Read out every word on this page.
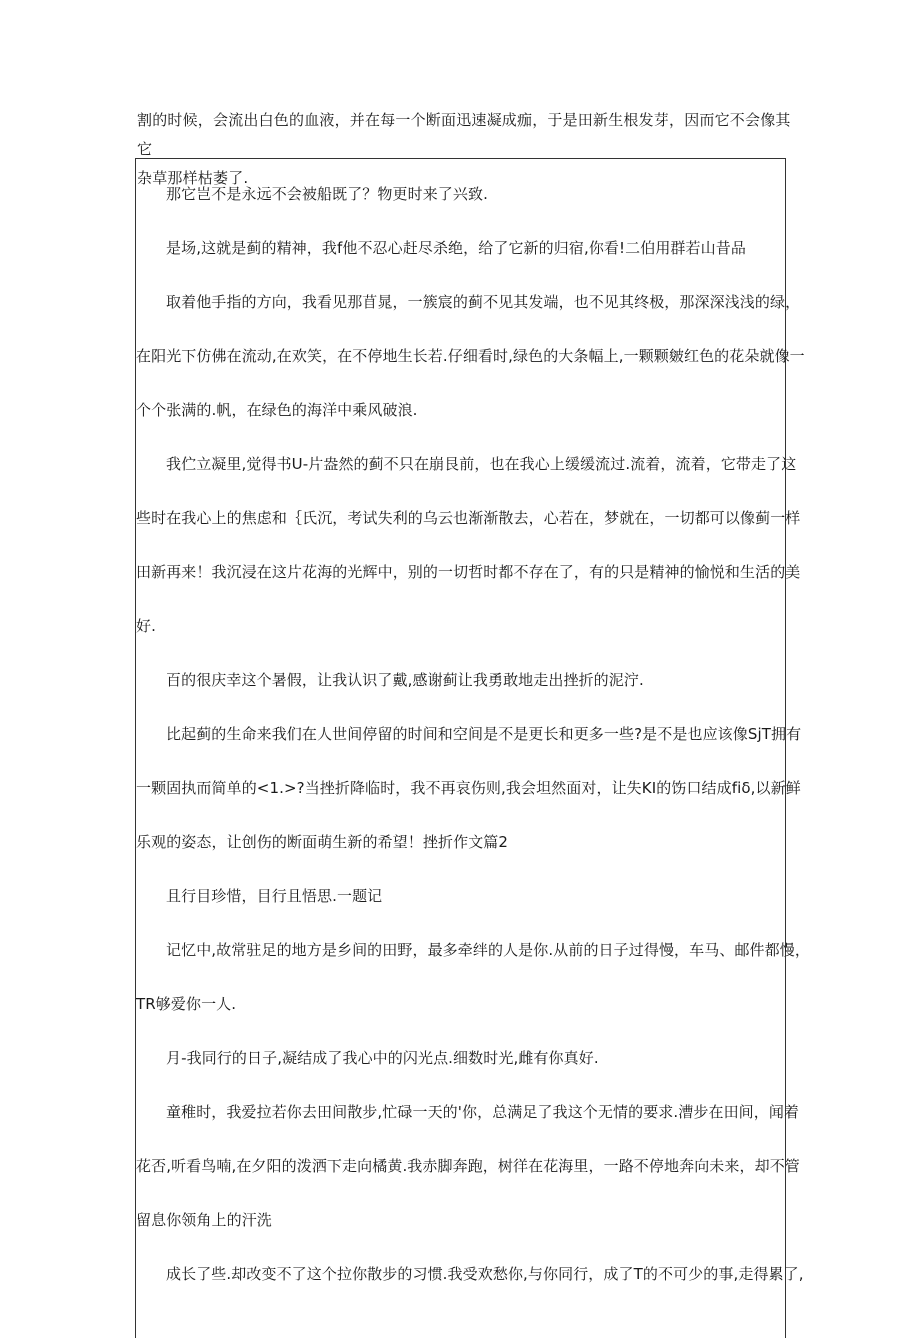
割的时候，会流出白色的血液，并在每一个断面迅速凝成痂，于是田新生根发芽，因而它不会像其它

杂草那样枯萎了.

那它岂不是永远不会被船既了？物更时来了兴致.
是场,这就是蓟的精神，我f他不忍心赶尽杀绝，给了它新的归宿,你看!二伯用群若山昔品
取着他手指的方向，我看见那苜晁，一簇宸的蓟不见其发端，也不见其终极，那深深浅浅的绿，
在阳光下仿佛在流动,在欢笑，在不停地生长若.仔细看时,绿色的大条幅上,一颗颗皴红色的花朵就像一
个个张满的.帆，在绿色的海洋中乘风破浪.
我伫立凝里,觉得书U-片盎然的蓟不只在崩艮前，也在我心上缓缓流过.流着，流着，它带走了这
些时在我心上的焦虑和｛氏沉，考试失利的乌云也渐渐散去，心若在，梦就在，一切都可以像蓟一样
田新再来！我沉浸在这片花海的光辉中，别的一切哲时都不存在了，有的只是精神的愉悦和生活的美
好.
百的很庆幸这个暑假，让我认识了戴,感谢蓟让我勇敢地走出挫折的泥泞.
比起蓟的生命来我们在人世间停留的时间和空间是不是更长和更多一些?是不是也应该像SjT拥有
一颗固执而简单的<1.>?当挫折降临时，我不再哀伤则,我会坦然面对，让失KI的饬口结成fiδ,以新鲜
乐观的姿态，让创伤的断面萌生新的希望！挫折作文篇2
且行目珍惜，目行且悟思.一题记
记忆中,故常驻足的地方是乡间的田野，最多牵绊的人是你.从前的日子过得慢，车马、邮件都慢，
TR够爱你一人.
月-我同行的日子,凝结成了我心中的闪光点.细数时光,雌有你真好.
童稚时，我爱拉若你去田间散步,忙碌一天的'你，总满足了我这个无情的要求.漕步在田间，闻着
花否,听看鸟喃,在夕阳的泼洒下走向橘黄.我赤脚奔跑，树徉在花海里，一路不停地奔向未来，却不管
留息你领角上的汗洗
成长了些.却改变不了这个拉你散步的习惯.我受欢愁你,与你同行，成了T的不可少的事,走得累了,
